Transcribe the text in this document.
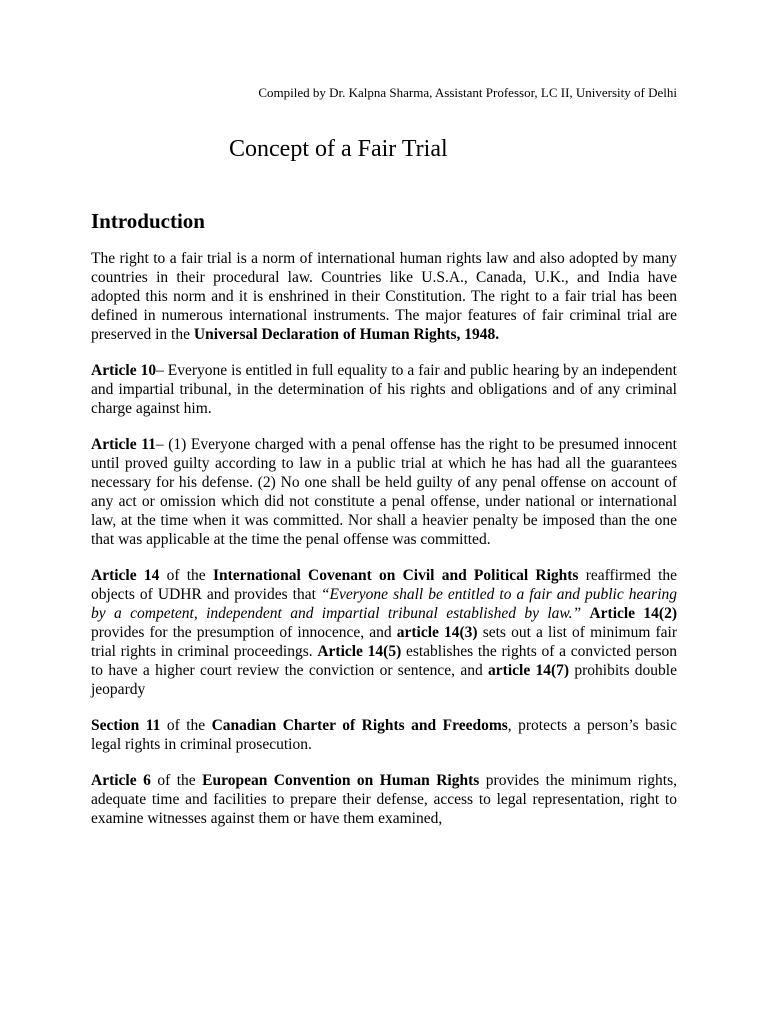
Compiled by Dr. Kalpna Sharma, Assistant Professor, LC II, University of Delhi
Concept of a Fair Trial
Introduction

The right to a fair trial is a norm of international human rights law and also adopted by many countries in their procedural law. Countries like U.S.A., Canada, U.K., and India have adopted this norm and it is enshrined in their Constitution. The right to a fair trial has been defined in numerous international instruments. The major features of fair criminal trial are preserved in the Universal Declaration of Human Rights, 1948.

Article 10– Everyone is entitled in full equality to a fair and public hearing by an independent and impartial tribunal, in the determination of his rights and obligations and of any criminal charge against him.

Article 11– (1) Everyone charged with a penal offense has the right to be presumed innocent until proved guilty according to law in a public trial at which he has had all the guarantees necessary for his defense. (2) No one shall be held guilty of any penal offense on account of any act or omission which did not constitute a penal offense, under national or international law, at the time when it was committed. Nor shall a heavier penalty be imposed than the one that was applicable at the time the penal offense was committed.

Article 14 of the International Covenant on Civil and Political Rights reaffirmed the objects of UDHR and provides that “Everyone shall be entitled to a fair and public hearing by a competent, independent and impartial tribunal established by law.” Article 14(2) provides for the presumption of innocence, and article 14(3) sets out a list of minimum fair trial rights in criminal proceedings. Article 14(5) establishes the rights of a convicted person to have a higher court review the conviction or sentence, and article 14(7) prohibits double jeopardy

Section 11 of the Canadian Charter of Rights and Freedoms, protects a person’s basic legal rights in criminal prosecution.

Article 6 of the European Convention on Human Rights provides the minimum rights, adequate time and facilities to prepare their defense, access to legal representation, right to examine witnesses against them or have them examined,
